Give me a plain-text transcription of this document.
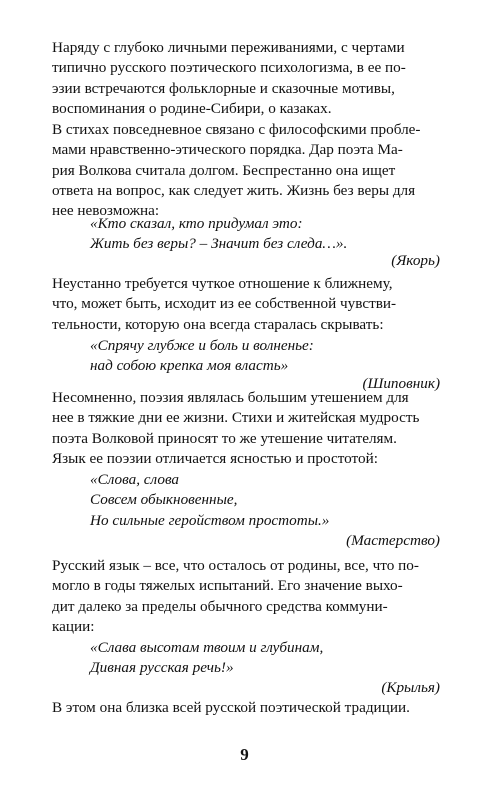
Наряду с глубоко личными переживаниями, с чертами
типично русского поэтического психологизма, в ее по-
эзии встречаются фольклорные и сказочные мотивы,
воспоминания о родине-Сибири, о казаках.

В стихах повседневное связано с философскими пробле-
мами нравственно-этического порядка. Дар поэта Ма-
рия Волкова считала долгом. Беспрестанно она ищет
ответа на вопрос, как следует жить. Жизнь без веры для
нее невозможна:

«Кто сказал, кто придумал это:
Жить без веры? – Значит без следа…».
(Якорь)

Неустанно требуется чуткое отношение к ближнему,
что, может быть, исходит из ее собственной чувстви-
тельности, которую она всегда старалась скрывать:

«Спрячу глубже и боль и волненье:
над собою крепка моя власть»
(Шиповник)

Несомненно, поэзия являлась большим утешением для
нее в тяжкие дни ее жизни. Стихи и житейская мудрость
поэта Волковой приносят то же утешение читателям.
Язык ее поэзии отличается ясностью и простотой:

«Слова, слова
Совсем обыкновенные,
Но сильные геройством простоты.»
(Мастерство)

Русский язык – все, что осталось от родины, все, что по-
могло в годы тяжелых испытаний. Его значение выхо-
дит далеко за пределы обычного средства коммуни-
кации:

«Слава высотам твоим и глубинам,
Дивная русская речь!»
(Крылья)

В этом она близка всей русской поэтической традиции.

9
